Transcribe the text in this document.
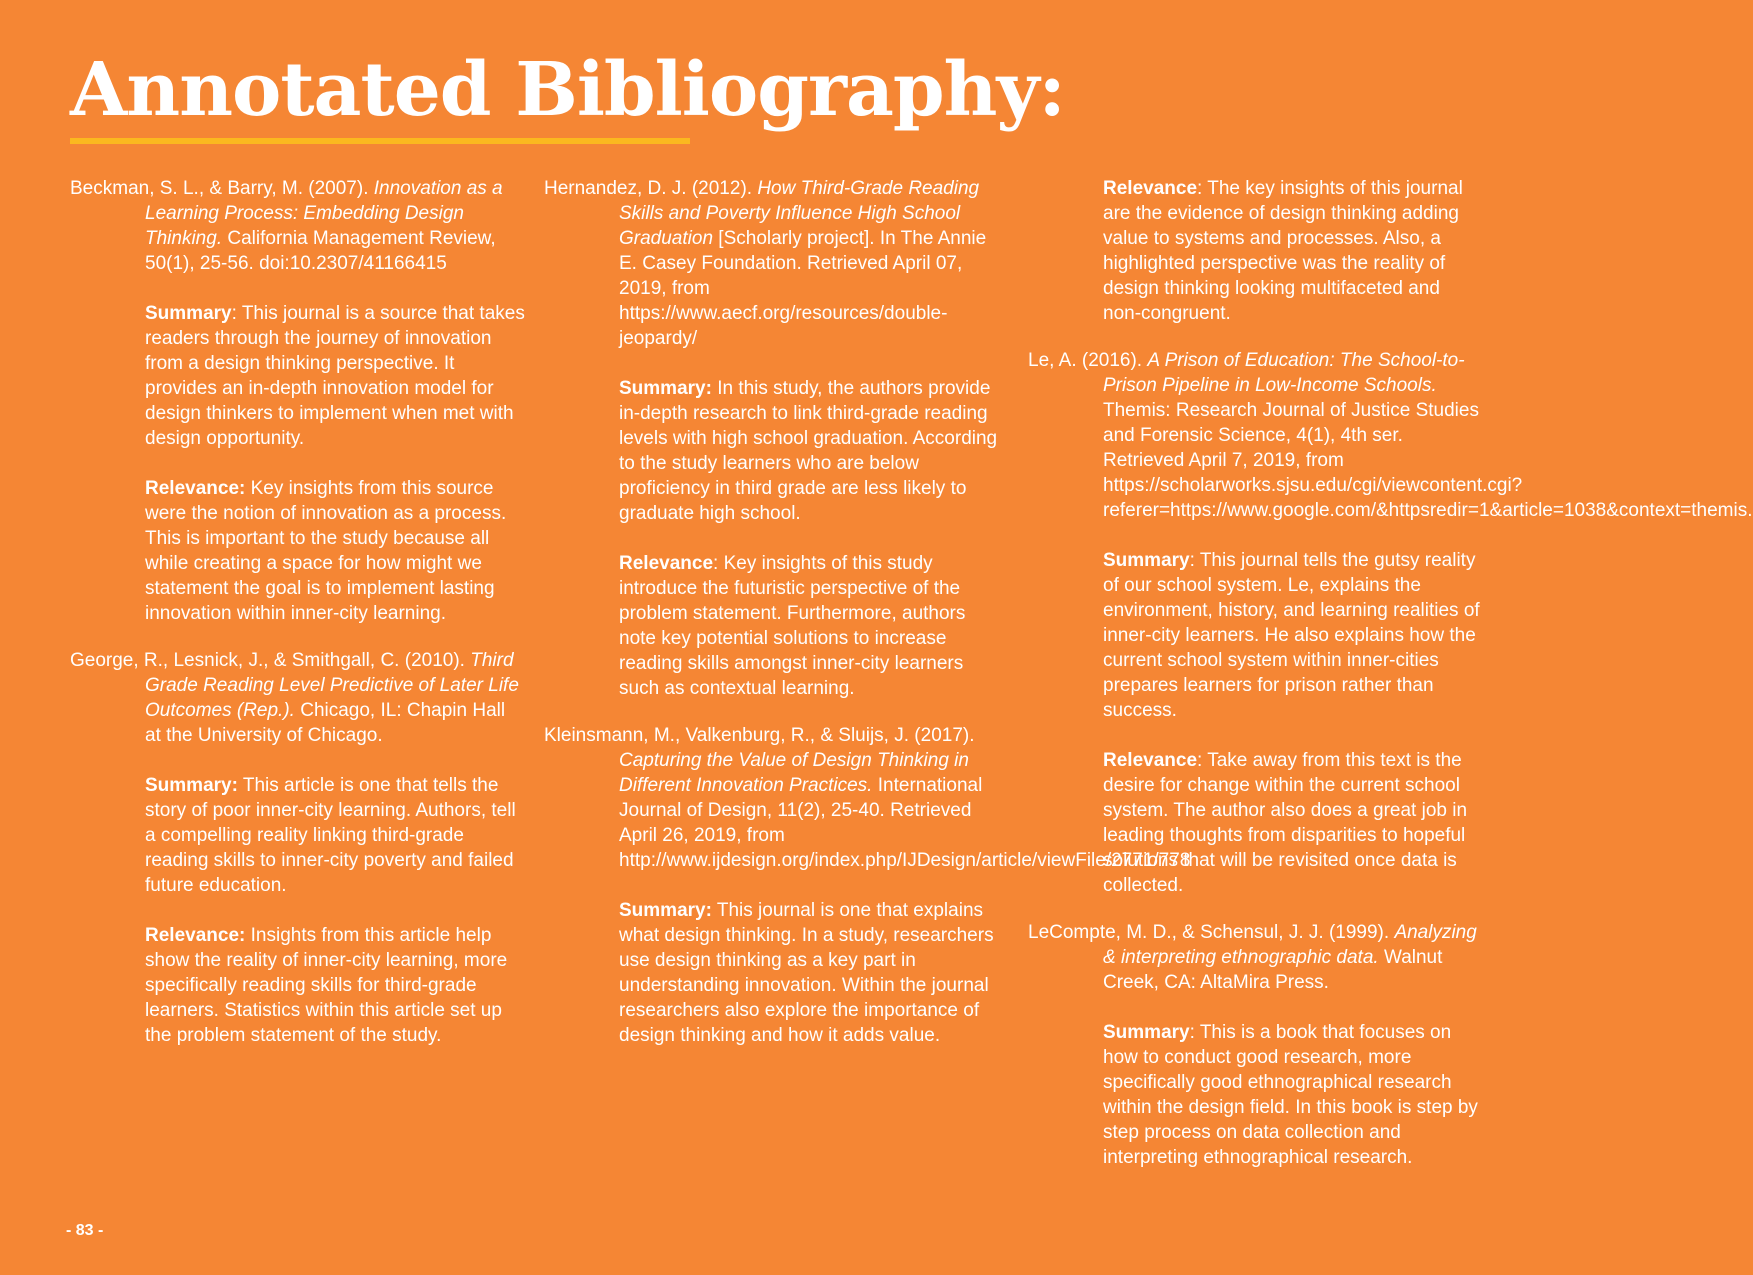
Annotated Bibliography:

Beckman, S. L., & Barry, M. (2007). Innovation as a Learning Process: Embedding Design Thinking. California Management Review, 50(1), 25-56. doi:10.2307/41166415

Summary: This journal is a source that takes readers through the journey of innovation from a design thinking perspective. It provides an in-depth innovation model for design thinkers to implement when met with design opportunity.

Relevance: Key insights from this source were the notion of innovation as a process. This is important to the study because all while creating a space for how might we statement the goal is to implement lasting innovation within inner-city learning.

George, R., Lesnick, J., & Smithgall, C. (2010). Third Grade Reading Level Predictive of Later Life Outcomes (Rep.). Chicago, IL: Chapin Hall at the University of Chicago.

Summary: This article is one that tells the story of poor inner-city learning. Authors, tell a compelling reality linking third-grade reading skills to inner-city poverty and failed future education.

Relevance: Insights from this article help show the reality of inner-city learning, more specifically reading skills for third-grade learners. Statistics within this article set up the problem statement of the study.

Hernandez, D. J. (2012). How Third-Grade Reading Skills and Poverty Influence High School Graduation [Scholarly project]. In The Annie E. Casey Foundation. Retrieved April 07, 2019, from https://www.aecf.org/resources/double-jeopardy/

Summary: In this study, the authors provide in-depth research to link third-grade reading levels with high school graduation. According to the study learners who are below proficiency in third grade are less likely to graduate high school.

Relevance: Key insights of this study introduce the futuristic perspective of the problem statement. Furthermore, authors note key potential solutions to increase reading skills amongst inner-city learners such as contextual learning.

Kleinsmann, M., Valkenburg, R., & Sluijs, J. (2017). Capturing the Value of Design Thinking in Different Innovation Practices. International Journal of Design, 11(2), 25-40. Retrieved April 26, 2019, from http://www.ijdesign.org/index.php/IJDesign/article/viewFile/2771/778

Summary: This journal is one that explains what design thinking. In a study, researchers use design thinking as a key part in understanding innovation. Within the journal researchers also explore the importance of design thinking and how it adds value.

Relevance: The key insights of this journal are the evidence of design thinking adding value to systems and processes. Also, a highlighted perspective was the reality of design thinking looking multifaceted and non-congruent.

Le, A. (2016). A Prison of Education: The School-to-Prison Pipeline in Low-Income Schools. Themis: Research Journal of Justice Studies and Forensic Science, 4(1), 4th ser. Retrieved April 7, 2019, from https://scholarworks.sjsu.edu/cgi/viewcontent.cgi?referer=https://www.google.com/&httpsredir=1&article=1038&context=themis.

Summary: This journal tells the gutsy reality of our school system. Le, explains the environment, history, and learning realities of inner-city learners. He also explains how the current school system within inner-cities prepares learners for prison rather than success.

Relevance: Take away from this text is the desire for change within the current school system. The author also does a great job in leading thoughts from disparities to hopeful solutions that will be revisited once data is collected.

LeCompte, M. D., & Schensul, J. J. (1999). Analyzing & interpreting ethnographic data. Walnut Creek, CA: AltaMira Press.

Summary: This is a book that focuses on how to conduct good research, more specifically good ethnographical research within the design field. In this book is step by step process on data collection and interpreting ethnographical research.

- 83 -
